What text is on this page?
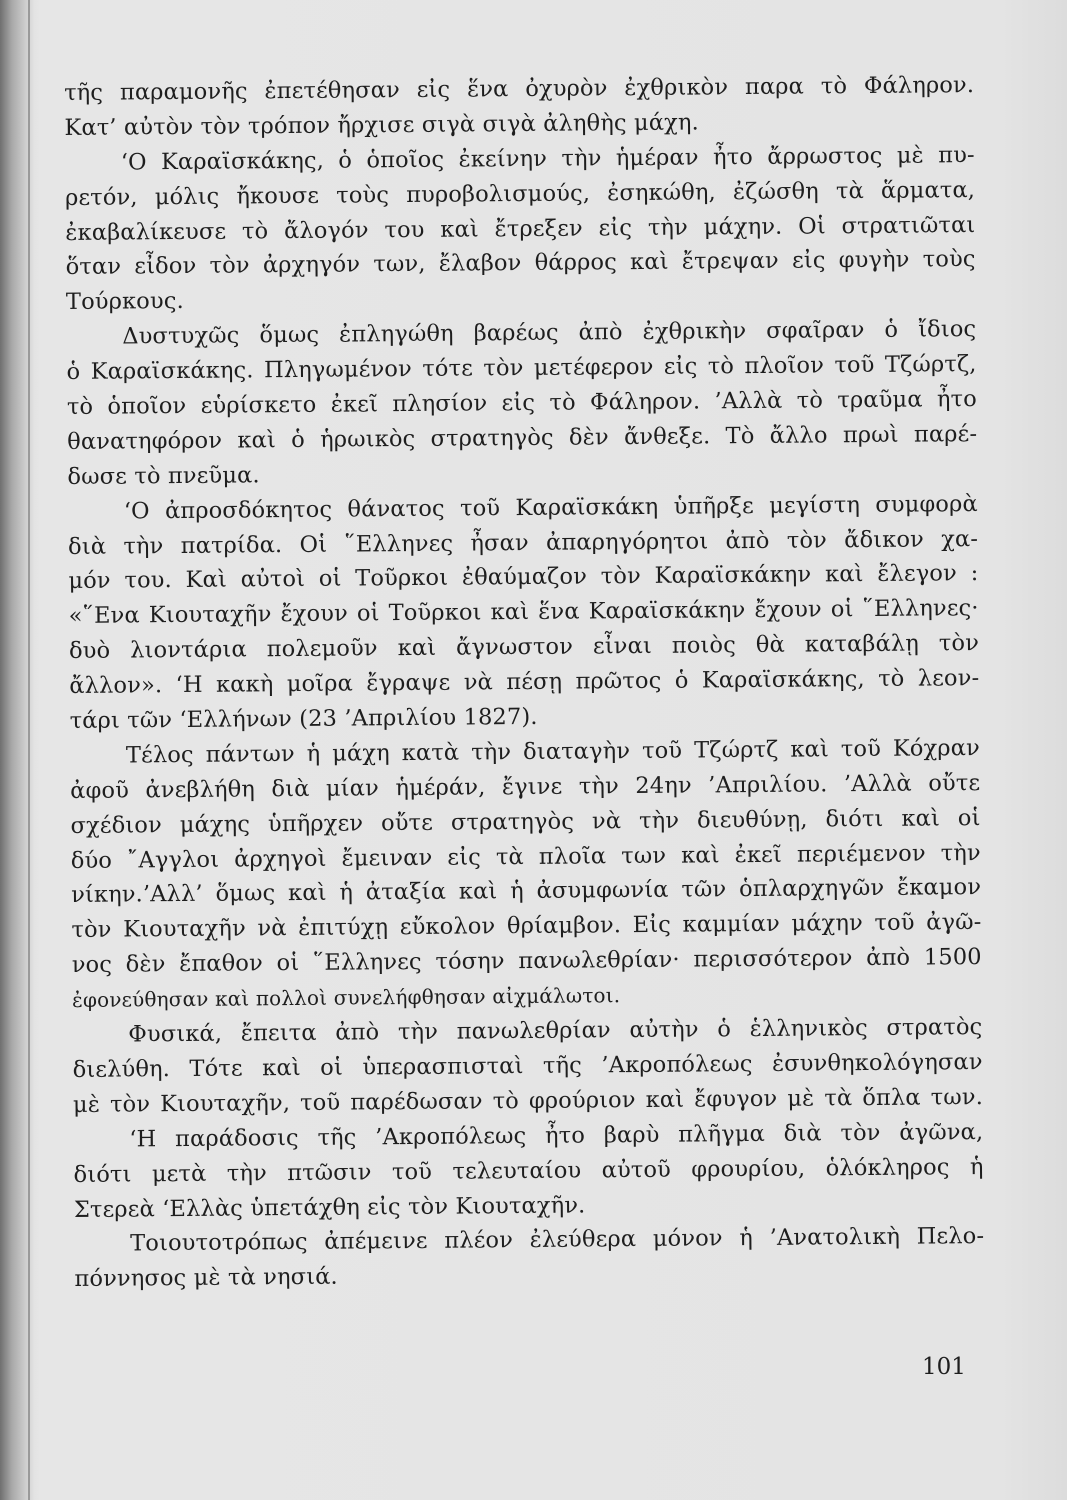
τῆς παραμονῆς ἐπετέθησαν εἰς ἕνα ὀχυρὸν ἐχθρικὸν παρα τὸ Φάληρον.
Κατ’ αὐτὸν τὸν τρόπον ἤρχισε σιγὰ σιγὰ ἀληθὴς μάχη.
‘Ο Καραϊσκάκης, ὁ ὁποῖος ἐκείνην τὴν ἡμέραν ἦτο ἄρρωστος μὲ πυ-
ρετόν, μόλις ἤκουσε τοὺς πυροβολισμούς, ἐσηκώθη, ἐζώσθη τὰ ἅρματα,
ἐκαβαλίκευσε τὸ ἄλογόν του καὶ ἔτρεξεν εἰς τὴν μάχην. Οἱ στρατιῶται
ὅταν εἶδον τὸν ἀρχηγόν των, ἔλαβον θάρρος καὶ ἔτρεψαν εἰς φυγὴν τοὺς
Τούρκους.
Δυστυχῶς ὅμως ἐπληγώθη βαρέως ἀπὸ ἐχθρικὴν σφαῖραν ὁ ἴδιος
ὁ Καραϊσκάκης. Πληγωμένον τότε τὸν μετέφερον εἰς τὸ πλοῖον τοῦ Τζώρτζ,
τὸ ὁποῖον εὑρίσκετο ἐκεῖ πλησίον εἰς τὸ Φάληρον. ’Αλλὰ τὸ τραῦμα ἦτο
θανατηφόρον καὶ ὁ ἡρωικὸς στρατηγὸς δὲν ἄνθεξε. Τὸ ἄλλο πρωὶ παρέ-
δωσε τὸ πνεῦμα.
‘Ο ἀπροσδόκητος θάνατος τοῦ Καραϊσκάκη ὑπῆρξε μεγίστη συμφορὰ
διὰ τὴν πατρίδα. Οἱ ῞Ελληνες ἦσαν ἀπαρηγόρητοι ἀπὸ τὸν ἄδικον χα-
μόν του. Καὶ αὐτοὶ οἱ Τοῦρκοι ἐθαύμαζον τὸν Καραϊσκάκην καὶ ἔλεγον :
«῞Ενα Κιουταχῆν ἔχουν οἱ Τοῦρκοι καὶ ἕνα Καραϊσκάκην ἔχουν οἱ ῞Ελληνες·
δυὸ λιοντάρια πολεμοῦν καὶ ἄγνωστον εἶναι ποιὸς θὰ καταβάλῃ τὸν
ἄλλον». ‘Η κακὴ μοῖρα ἔγραψε νὰ πέσῃ πρῶτος ὁ Καραϊσκάκης, τὸ λεον-
τάρι τῶν ‘Ελλήνων (23 ’Απριλίου 1827).
Τέλος πάντων ἡ μάχη κατὰ τὴν διαταγὴν τοῦ Τζώρτζ καὶ τοῦ Κόχραν
ἀφοῦ ἀνεβλήθη διὰ μίαν ἡμέράν, ἔγινε τὴν 24ην ’Απριλίου. ’Αλλὰ οὔτε
σχέδιον μάχης ὑπῆρχεν οὔτε στρατηγὸς νὰ τὴν διευθύνῃ, διότι καὶ οἱ
δύο ῎Αγγλοι ἀρχηγοὶ ἔμειναν εἰς τὰ πλοῖα των καὶ ἐκεῖ περιέμενον τὴν
νίκην.’Αλλ’ ὅμως καὶ ἡ ἀταξία καὶ ἡ ἀσυμφωνία τῶν ὁπλαρχηγῶν ἔκαμον
τὸν Κιουταχῆν νὰ ἐπιτύχῃ εὔκολον θρίαμβον. Εἰς καμμίαν μάχην τοῦ ἀγῶ-
νος δὲν ἔπαθον οἱ ῞Ελληνες τόσην πανωλεθρίαν· περισσότερον ἀπὸ 1500
ἐφονεύθησαν καὶ πολλοὶ συνελήφθησαν αἰχμάλωτοι.
Φυσικά, ἔπειτα ἀπὸ τὴν πανωλεθρίαν αὐτὴν ὁ ἑλληνικὸς στρατὸς
διελύθη. Τότε καὶ οἱ ὑπερασπισταὶ τῆς ’Ακροπόλεως ἐσυνθηκολόγησαν
μὲ τὸν Κιουταχῆν, τοῦ παρέδωσαν τὸ φρούριον καὶ ἔφυγον μὲ τὰ ὅπλα των.
‘Η παράδοσις τῆς ’Ακροπόλεως ἦτο βαρὺ πλῆγμα διὰ τὸν ἀγῶνα,
διότι μετὰ τὴν πτῶσιν τοῦ τελευταίου αὐτοῦ φρουρίου, ὁλόκληρος ἡ
Στερεὰ ‘Ελλὰς ὑπετάχθη εἰς τὸν Κιουταχῆν.
Τοιουτοτρόπως ἀπέμεινε πλέον ἐλεύθερα μόνον ἡ ’Ανατολικὴ Πελο-
πόννησος μὲ τὰ νησιά.
101
